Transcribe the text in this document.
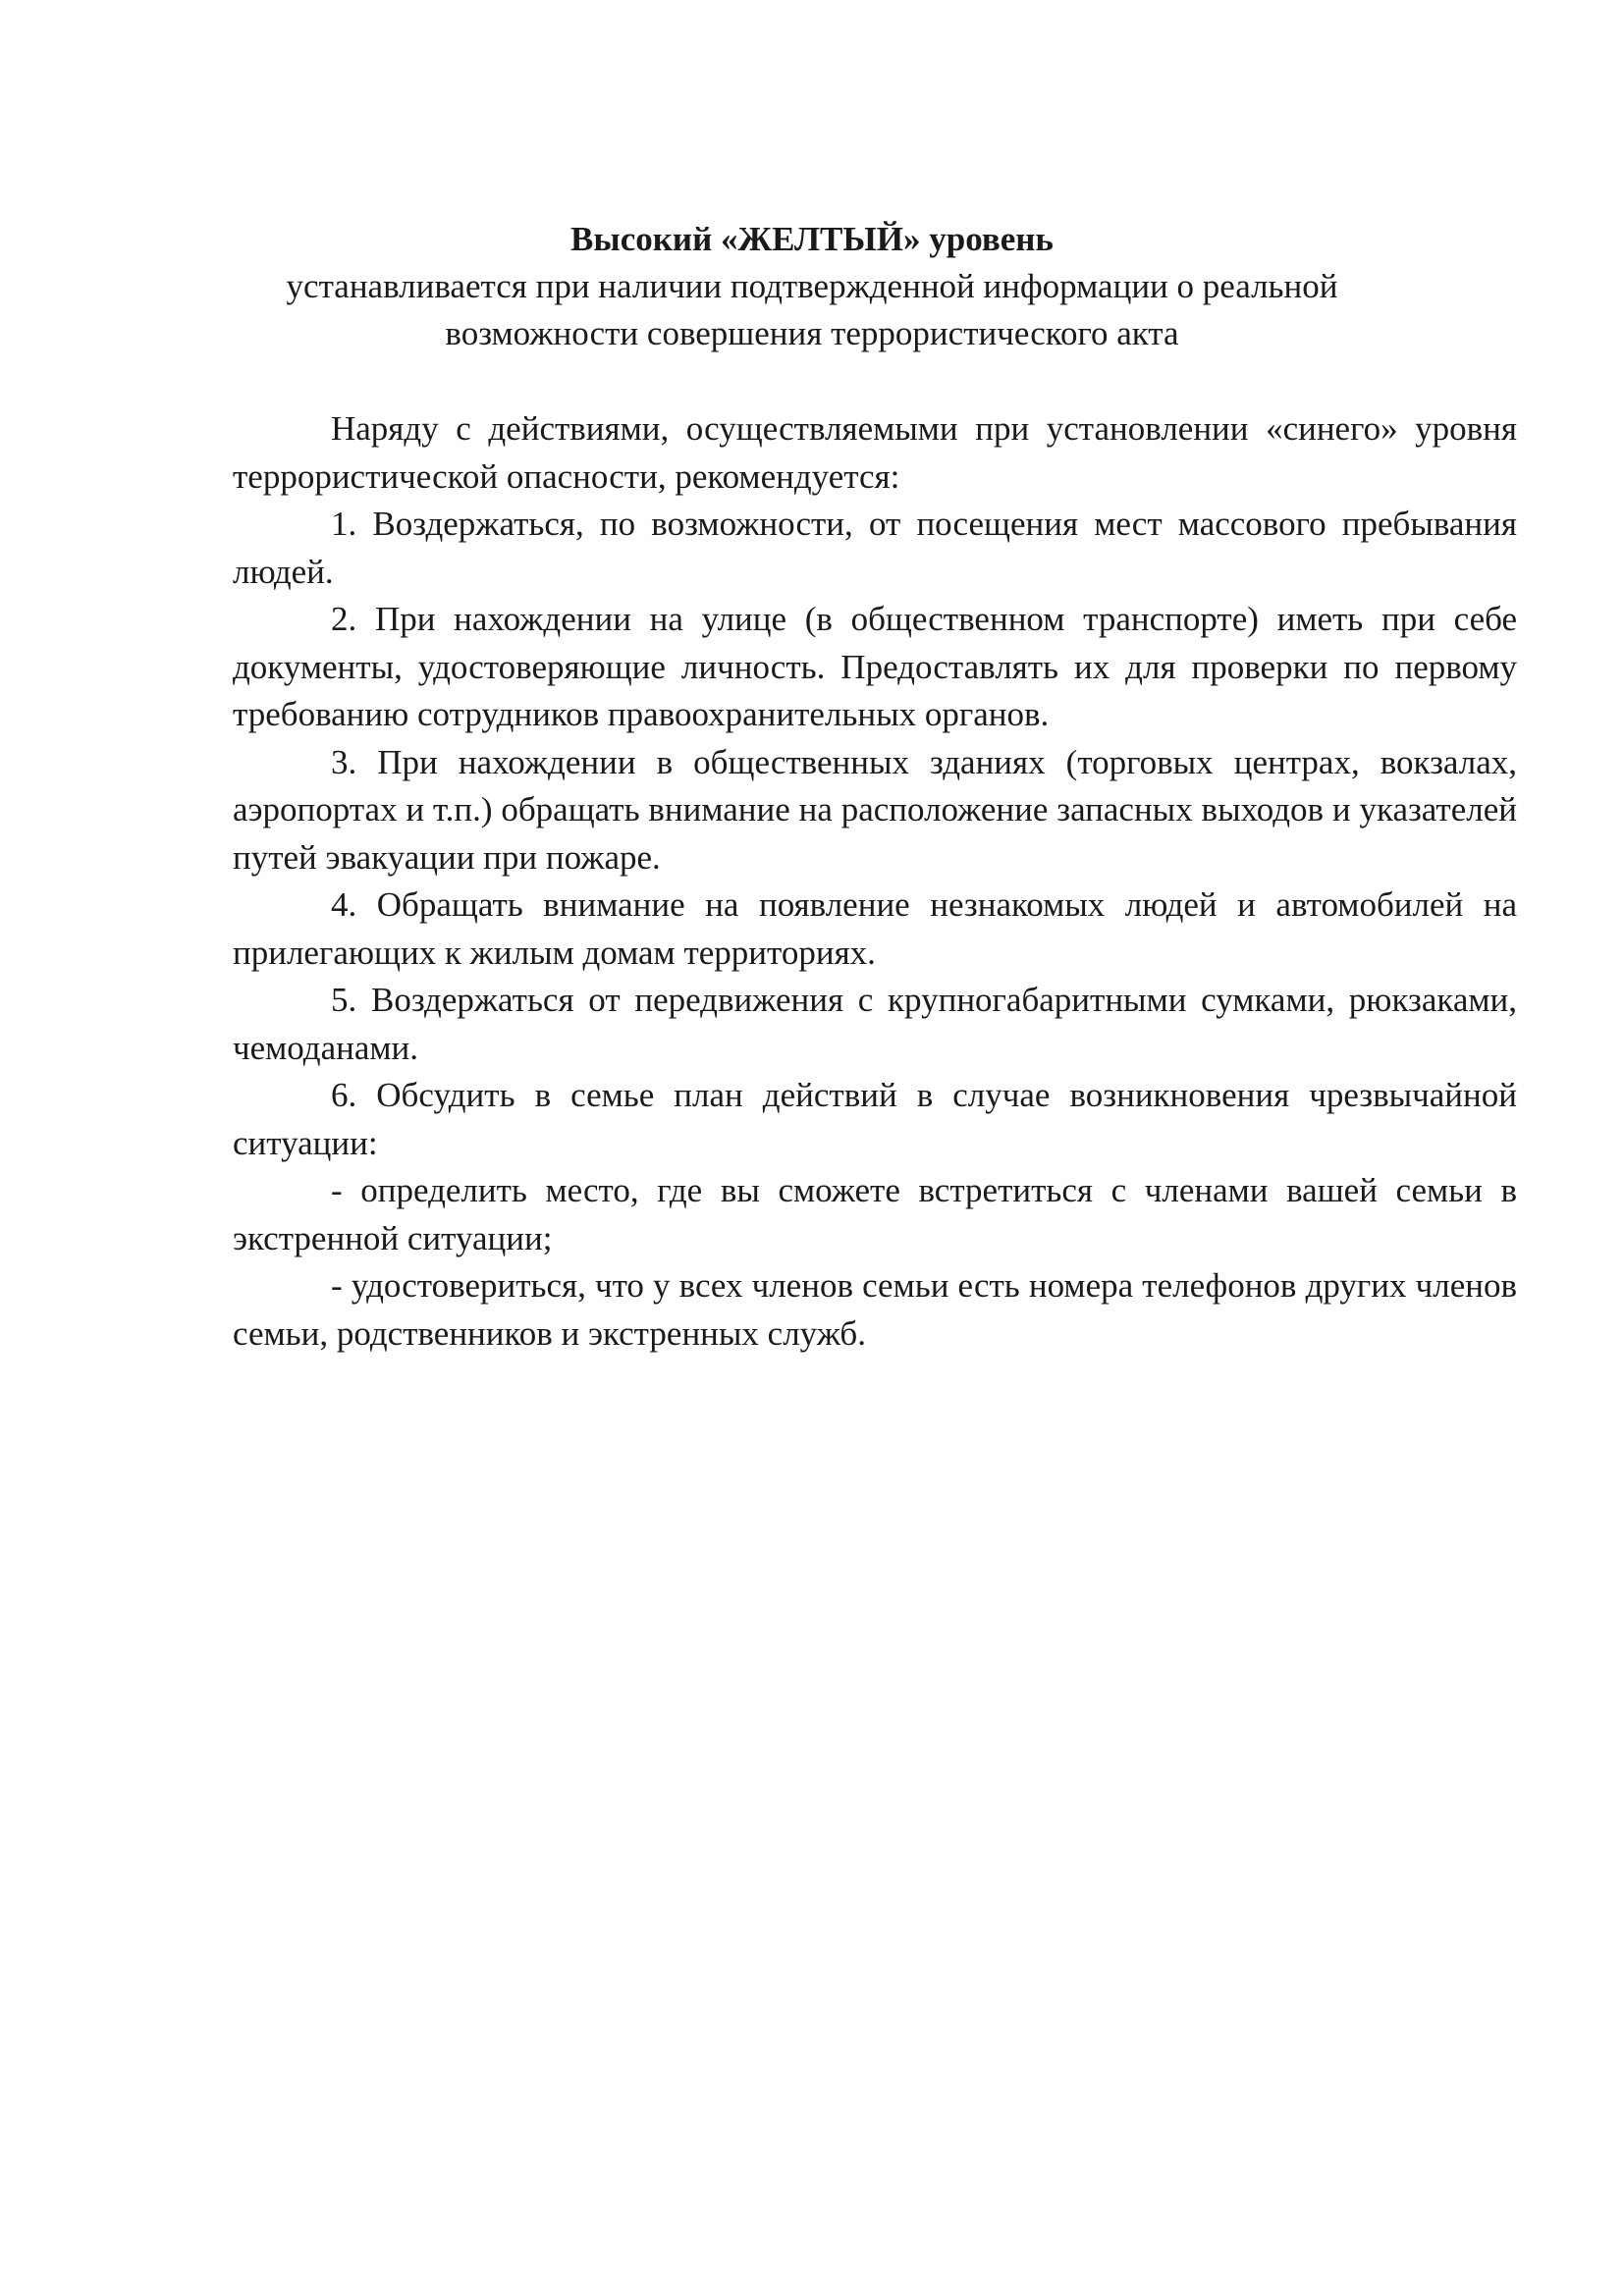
Высокий «ЖЕЛТЫЙ» уровень
устанавливается при наличии подтвержденной информации о реальной
возможности совершения террористического акта

Наряду с действиями, осуществляемыми при установлении «синего» уровня террористической опасности, рекомендуется:

1. Воздержаться, по возможности, от посещения мест массового пребывания людей.

2. При нахождении на улице (в общественном транспорте) иметь при себе документы, удостоверяющие личность. Предоставлять их для проверки по первому требованию сотрудников правоохранительных органов.

3. При нахождении в общественных зданиях (торговых центрах, вокзалах, аэропортах и т.п.) обращать внимание на расположение запасных выходов и указателей путей эвакуации при пожаре.

4. Обращать внимание на появление незнакомых людей и автомобилей на прилегающих к жилым домам территориях.

5. Воздержаться от передвижения с крупногабаритными сумками, рюкзаками, чемоданами.

6. Обсудить в семье план действий в случае возникновения чрезвычайной ситуации:

- определить место, где вы сможете встретиться с членами вашей семьи в экстренной ситуации;

- удостовериться, что у всех членов семьи есть номера телефонов других членов семьи, родственников и экстренных служб.
